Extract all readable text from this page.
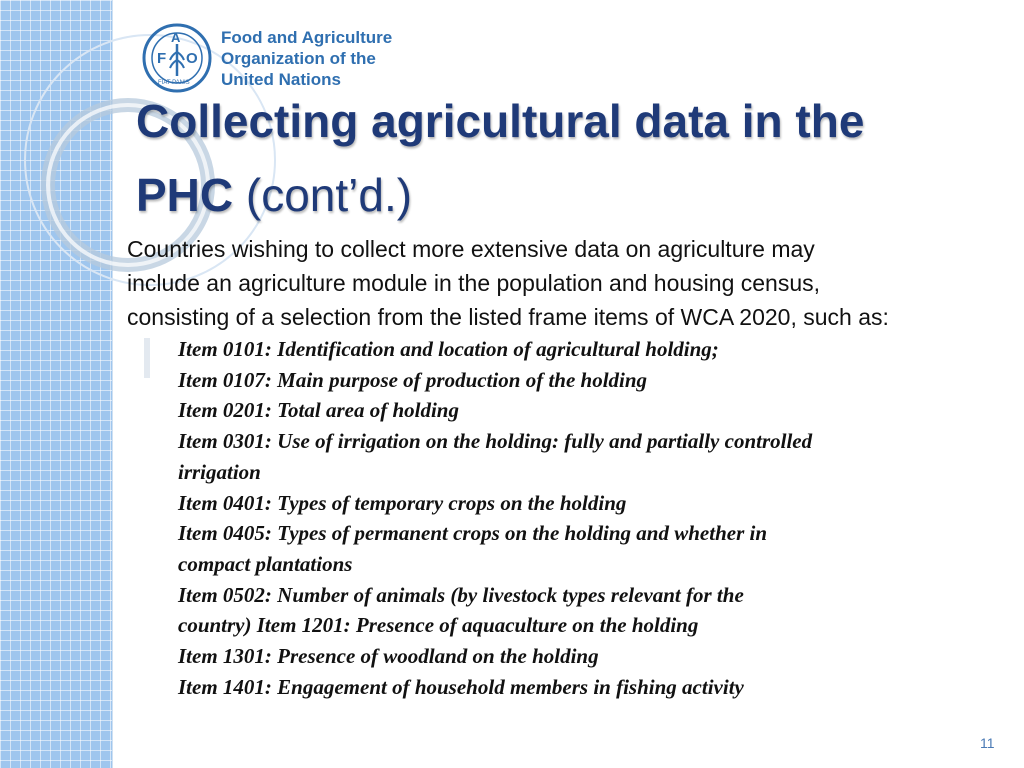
F
A
O
FIAT PANIS
Food and Agriculture
Organization of the
United Nations
Collecting agricultural data in the
PHC (cont’d.)
Countries wishing to collect more extensive data on agriculture may
include an agriculture module in the population and housing census,
consisting of a selection from the listed frame items of WCA 2020, such as:
Item 0101: Identification and location of agricultural holding;
Item 0107: Main purpose of production of the holding
Item 0201: Total area of holding
Item 0301: Use of irrigation on the holding: fully and partially controlled
irrigation
Item 0401: Types of temporary crops on the holding
Item 0405: Types of permanent crops on the holding and whether in
compact plantations
Item 0502: Number of animals (by livestock types relevant for the
country) Item 1201: Presence of aquaculture on the holding
Item 1301: Presence of woodland on the holding
Item 1401: Engagement of household members in fishing activity
11
